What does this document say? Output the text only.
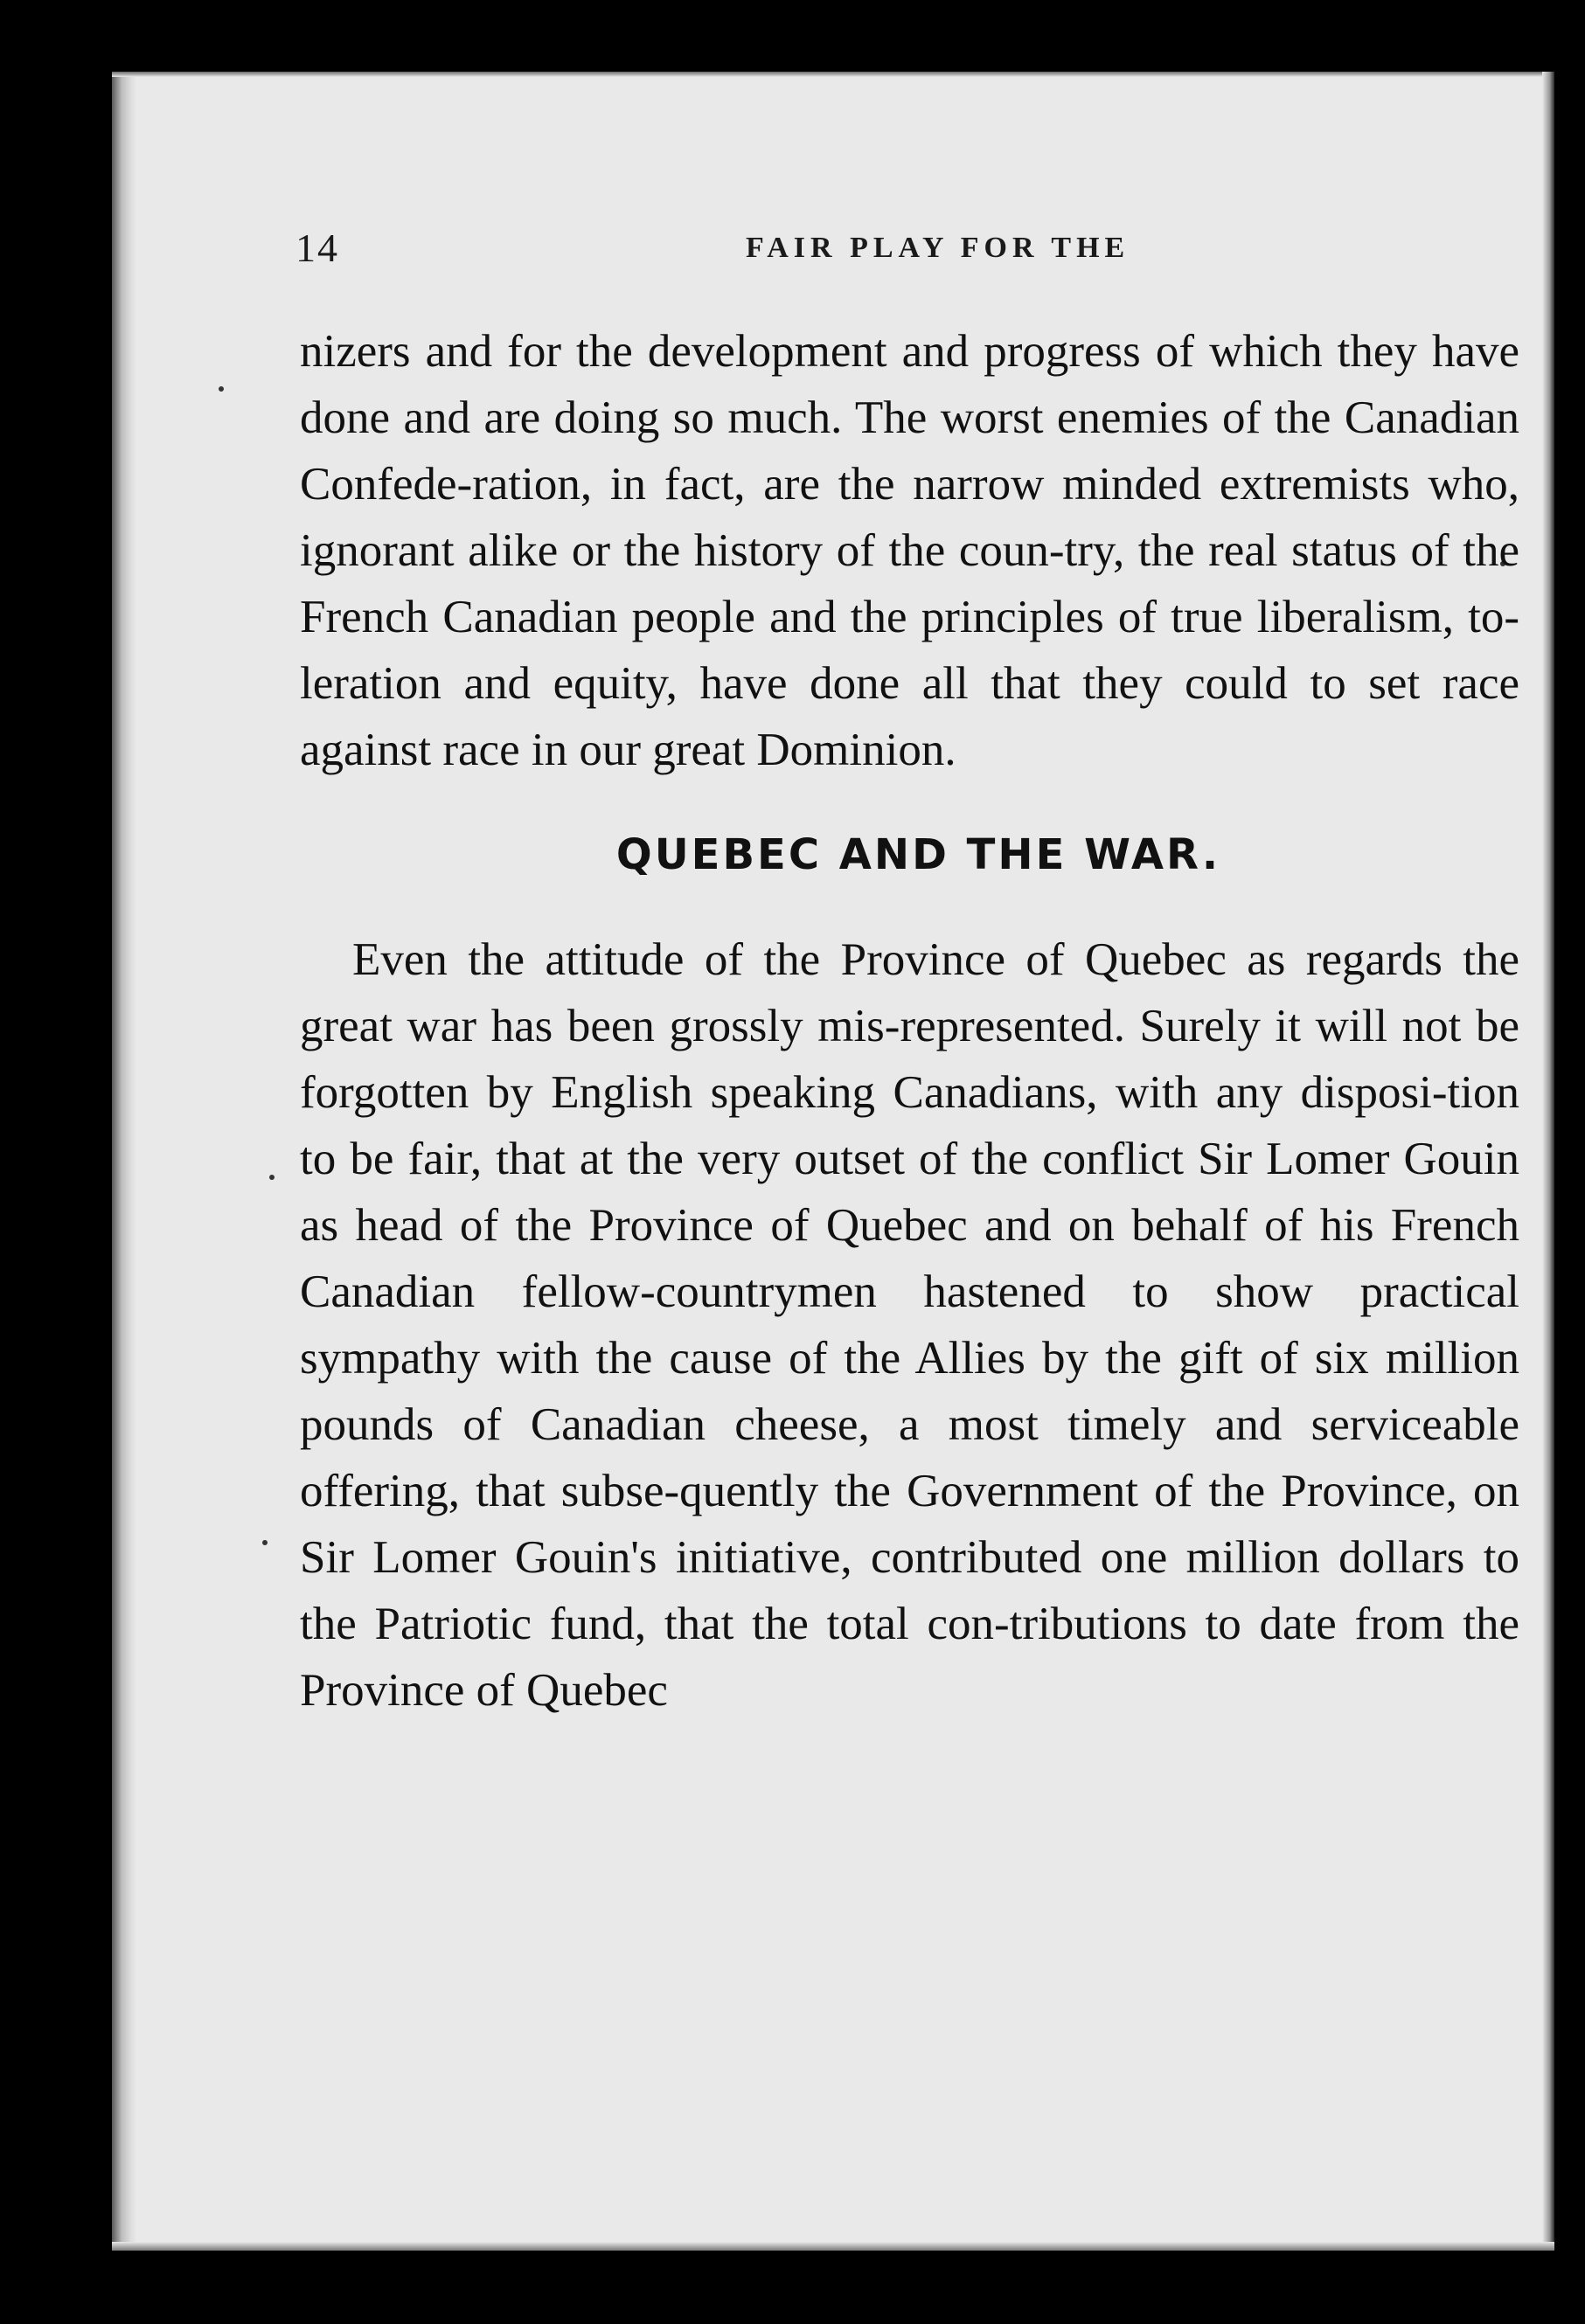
14	FAIR PLAY FOR THE

nizers and for the development and progress of which they have done and are doing so much. The worst enemies of the Canadian Confede-ration, in fact, are the narrow minded extremists who, ignorant alike or the history of the coun-try, the real status of the French Canadian people and the principles of true liberalism, to-leration and equity, have done all that they could to set race against race in our great Dominion.

QUEBEC AND THE WAR.

Even the attitude of the Province of Quebec as regards the great war has been grossly mis-represented. Surely it will not be forgotten by English speaking Canadians, with any disposi-tion to be fair, that at the very outset of the conflict Sir Lomer Gouin as head of the Province of Quebec and on behalf of his French Canadian fellow-countrymen hastened to show practical sympathy with the cause of the Allies by the gift of six million pounds of Canadian cheese, a most timely and serviceable offering, that subse-quently the Government of the Province, on Sir Lomer Gouin's initiative, contributed one million dollars to the Patriotic fund, that the total con-tributions to date from the Province of Quebec
